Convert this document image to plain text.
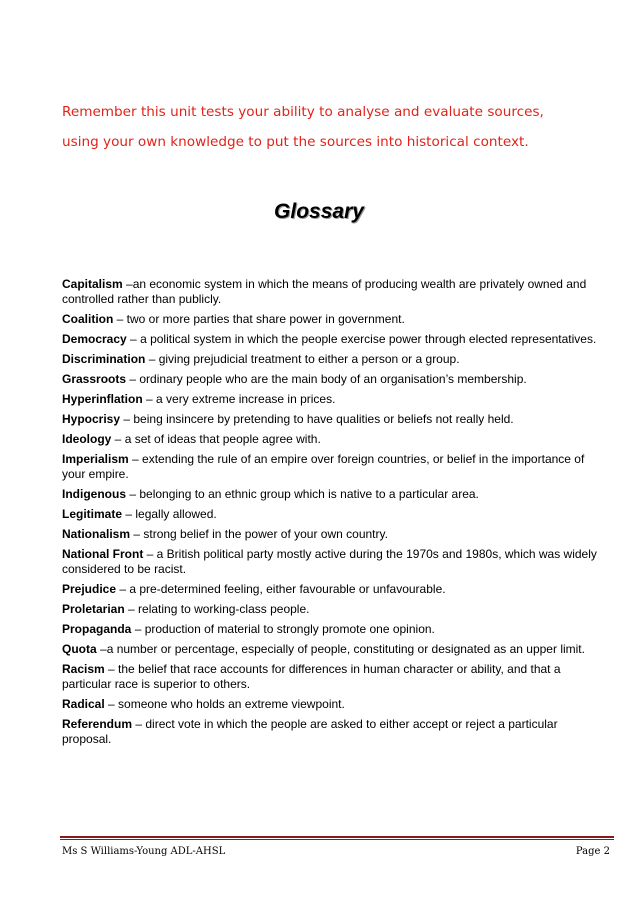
Remember this unit tests your ability to analyse and evaluate sources,
using your own knowledge to put the sources into historical context.
Glossary
Capitalism –an economic system in which the means of producing wealth are privately owned and controlled rather than publicly.
Coalition – two or more parties that share power in government.
Democracy – a political system in which the people exercise power through elected representatives.
Discrimination – giving prejudicial treatment to either a person or a group.
Grassroots – ordinary people who are the main body of an organisation’s membership.
Hyperinflation – a very extreme increase in prices.
Hypocrisy – being insincere by pretending to have qualities or beliefs not really held.
Ideology – a set of ideas that people agree with.
Imperialism – extending the rule of an empire over foreign countries, or belief in the importance of your empire.
Indigenous – belonging to an ethnic group which is native to a particular area.
Legitimate – legally allowed.
Nationalism – strong belief in the power of your own country.
National Front – a British political party mostly active during the 1970s and 1980s, which was widely considered to be racist.
Prejudice – a pre-determined feeling, either favourable or unfavourable.
Proletarian – relating to working-class people.
Propaganda – production of material to strongly promote one opinion.
Quota –a number or percentage, especially of people, constituting or designated as an upper limit.
Racism – the belief that race accounts for differences in human character or ability, and that a particular race is superior to others.
Radical – someone who holds an extreme viewpoint.
Referendum – direct vote in which the people are asked to either accept or reject a particular proposal.
Ms S Williams-Young ADL-AHSL	Page 2
